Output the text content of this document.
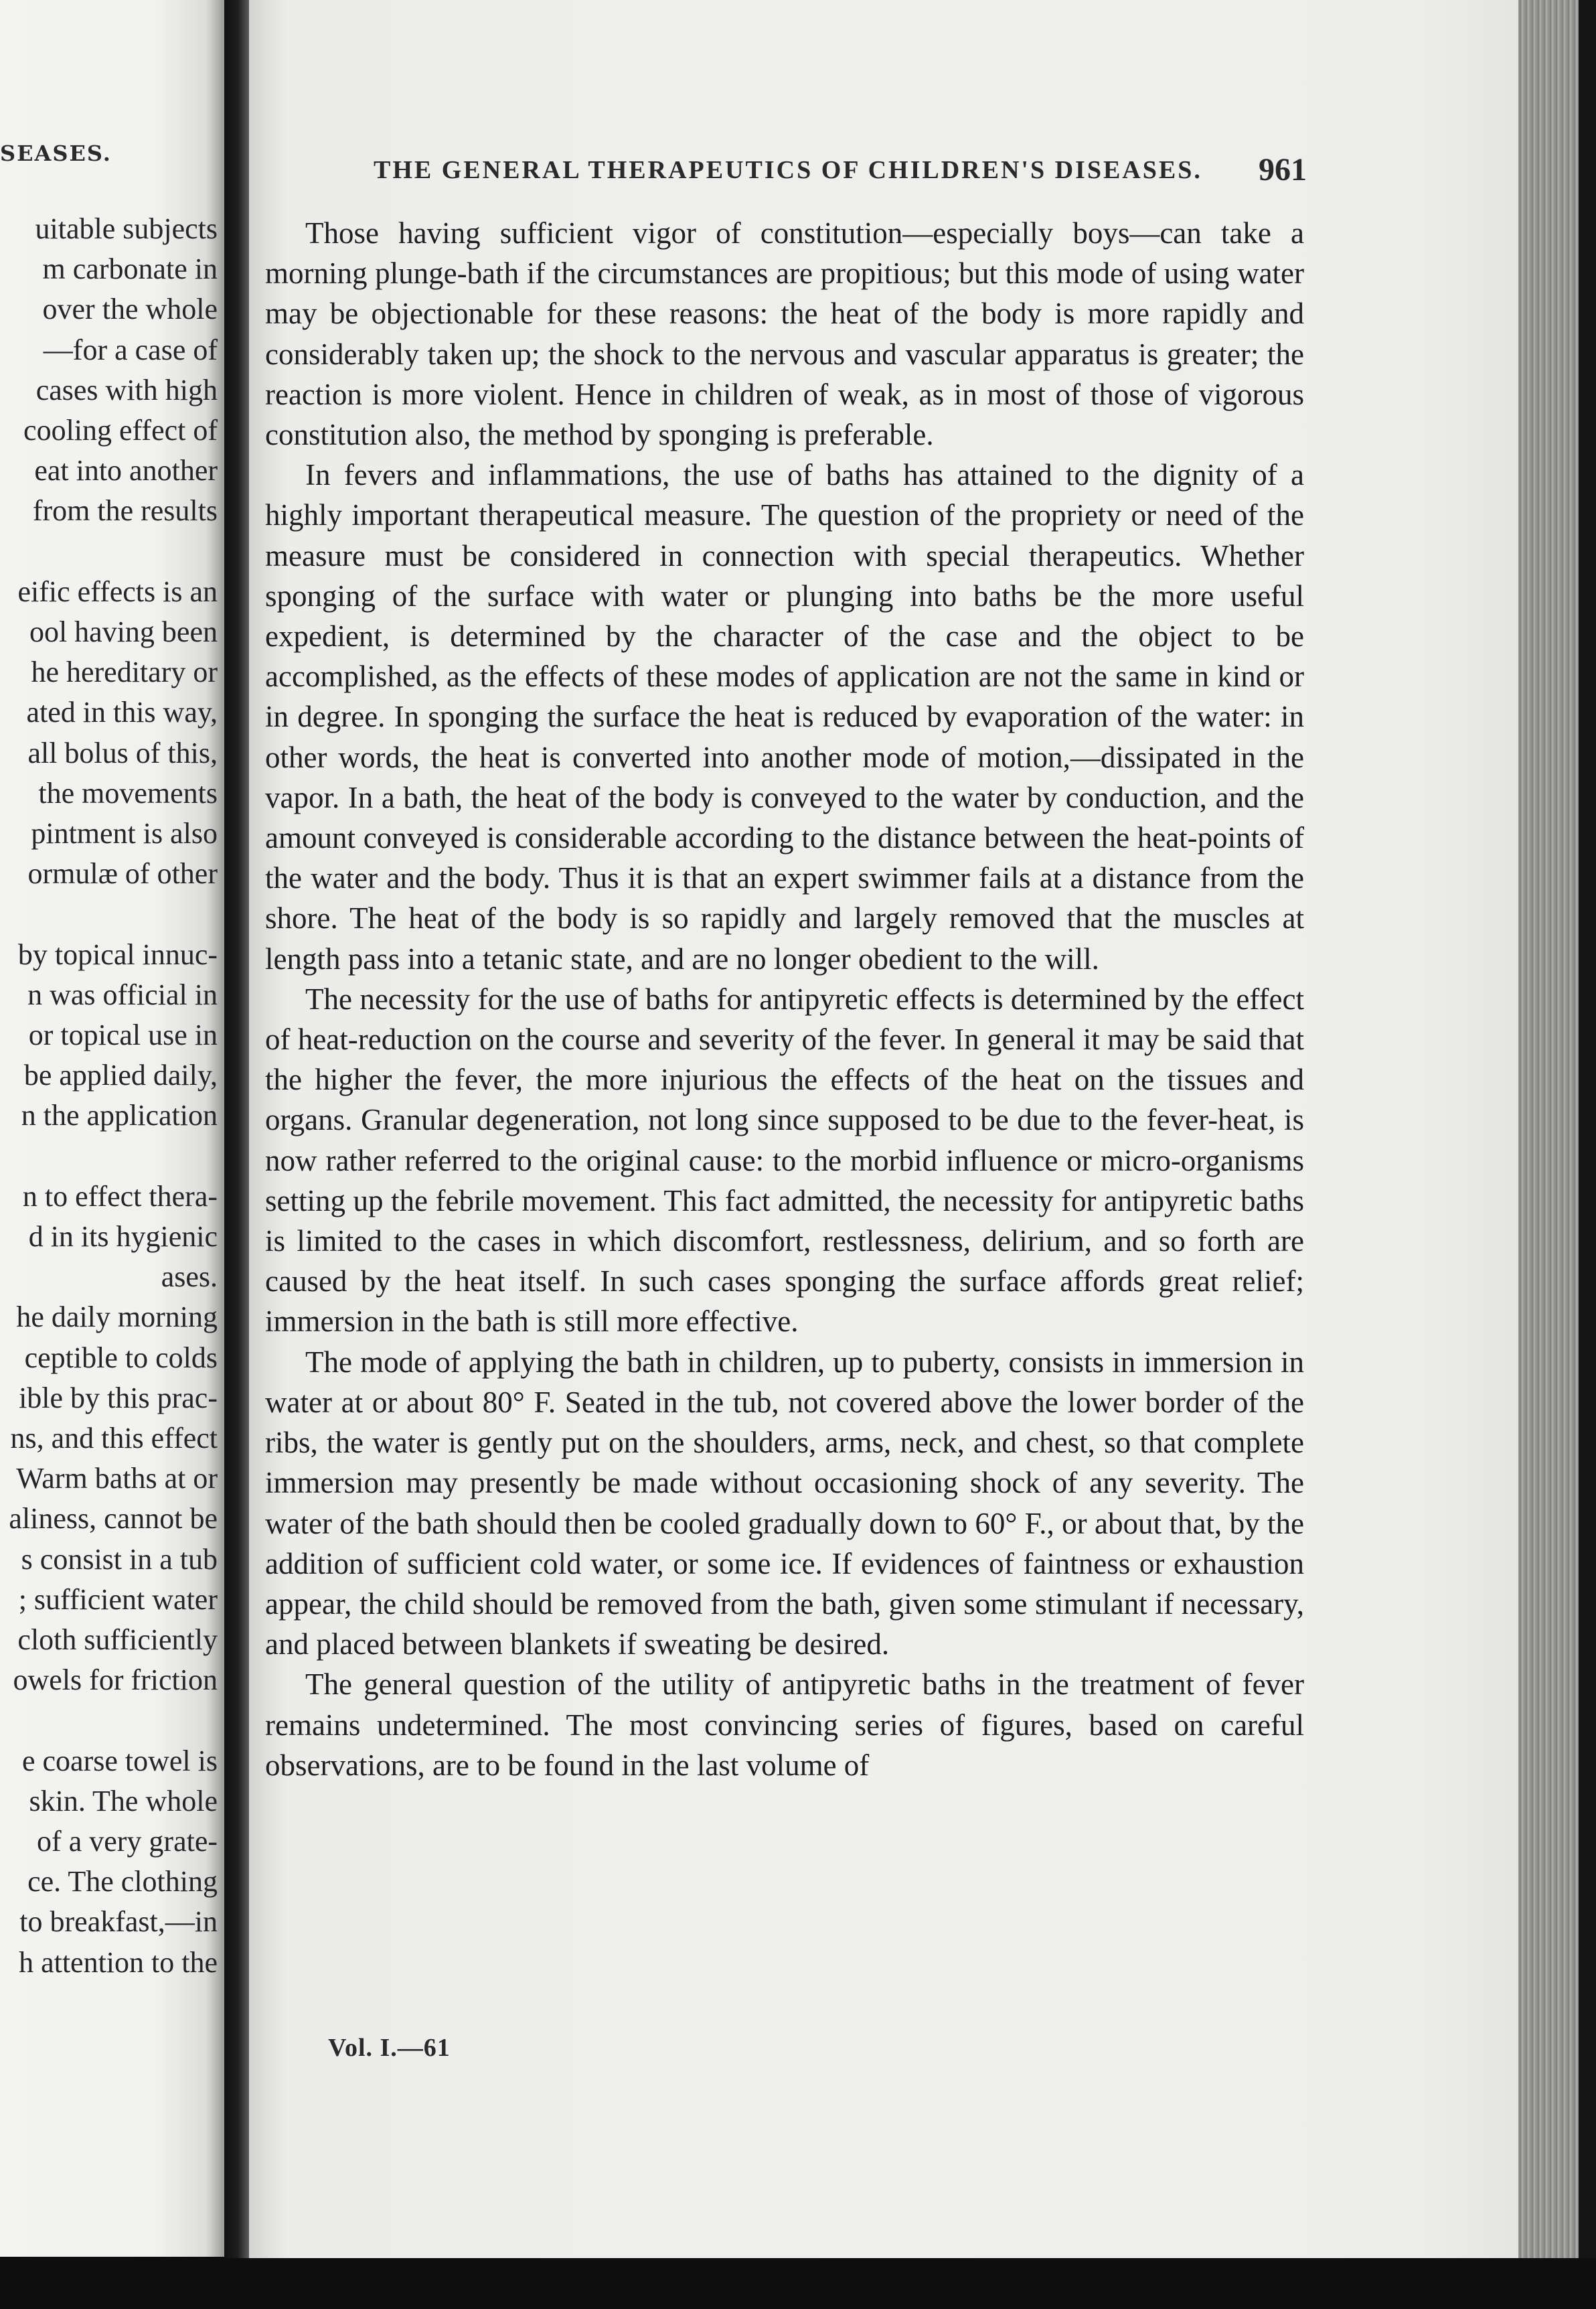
SEASES.
uitable subjects
m carbonate in
over the whole
—for a case of
cases with high
cooling effect of
eat into another
from the results
eific effects is an
ool having been
he hereditary or
ated in this way,
all bolus of this,
the movements
pintment is also
ormulæ of other
by topical innuc-
n was official in
or topical use in
be applied daily,
n the application
n to effect thera-
d in its hygienic
ases.
he daily morning
ceptible to colds
ible by this prac-
ns, and this effect
Warm baths at or
aliness, cannot be
s consist in a tub
; sufficient water
cloth sufficiently
owels for friction
e coarse towel is
skin. The whole
of a very grate-
ce. The clothing
to breakfast,—in
h attention to the
THE GENERAL THERAPEUTICS OF CHILDREN'S DISEASES.	961

Those having sufficient vigor of constitution—especially boys—can take a morning plunge-bath if the circumstances are propitious; but this mode of using water may be objectionable for these reasons: the heat of the body is more rapidly and considerably taken up; the shock to the nervous and vascular apparatus is greater; the reaction is more violent. Hence in children of weak, as in most of those of vigorous constitution also, the method by sponging is preferable.

In fevers and inflammations, the use of baths has attained to the dignity of a highly important therapeutical measure. The question of the propriety or need of the measure must be considered in connection with special therapeutics. Whether sponging of the surface with water or plunging into baths be the more useful expedient, is determined by the character of the case and the object to be accomplished, as the effects of these modes of application are not the same in kind or in degree. In sponging the surface the heat is reduced by evaporation of the water: in other words, the heat is converted into another mode of motion,—dissipated in the vapor. In a bath, the heat of the body is conveyed to the water by conduction, and the amount conveyed is considerable according to the distance between the heat-points of the water and the body. Thus it is that an expert swimmer fails at a distance from the shore. The heat of the body is so rapidly and largely removed that the muscles at length pass into a tetanic state, and are no longer obedient to the will.

The necessity for the use of baths for antipyretic effects is determined by the effect of heat-reduction on the course and severity of the fever. In general it may be said that the higher the fever, the more injurious the effects of the heat on the tissues and organs. Granular degeneration, not long since supposed to be due to the fever-heat, is now rather referred to the original cause: to the morbid influence or micro-organisms setting up the febrile movement. This fact admitted, the necessity for antipyretic baths is limited to the cases in which discomfort, restlessness, delirium, and so forth are caused by the heat itself. In such cases sponging the surface affords great relief; immersion in the bath is still more effective.

The mode of applying the bath in children, up to puberty, consists in immersion in water at or about 80° F. Seated in the tub, not covered above the lower border of the ribs, the water is gently put on the shoulders, arms, neck, and chest, so that complete immersion may presently be made without occasioning shock of any severity. The water of the bath should then be cooled gradually down to 60° F., or about that, by the addition of sufficient cold water, or some ice. If evidences of faintness or exhaustion appear, the child should be removed from the bath, given some stimulant if necessary, and placed between blankets if sweating be desired.

The general question of the utility of antipyretic baths in the treatment of fever remains undetermined. The most convincing series of figures, based on careful observations, are to be found in the last volume of

Vol. I.—61
